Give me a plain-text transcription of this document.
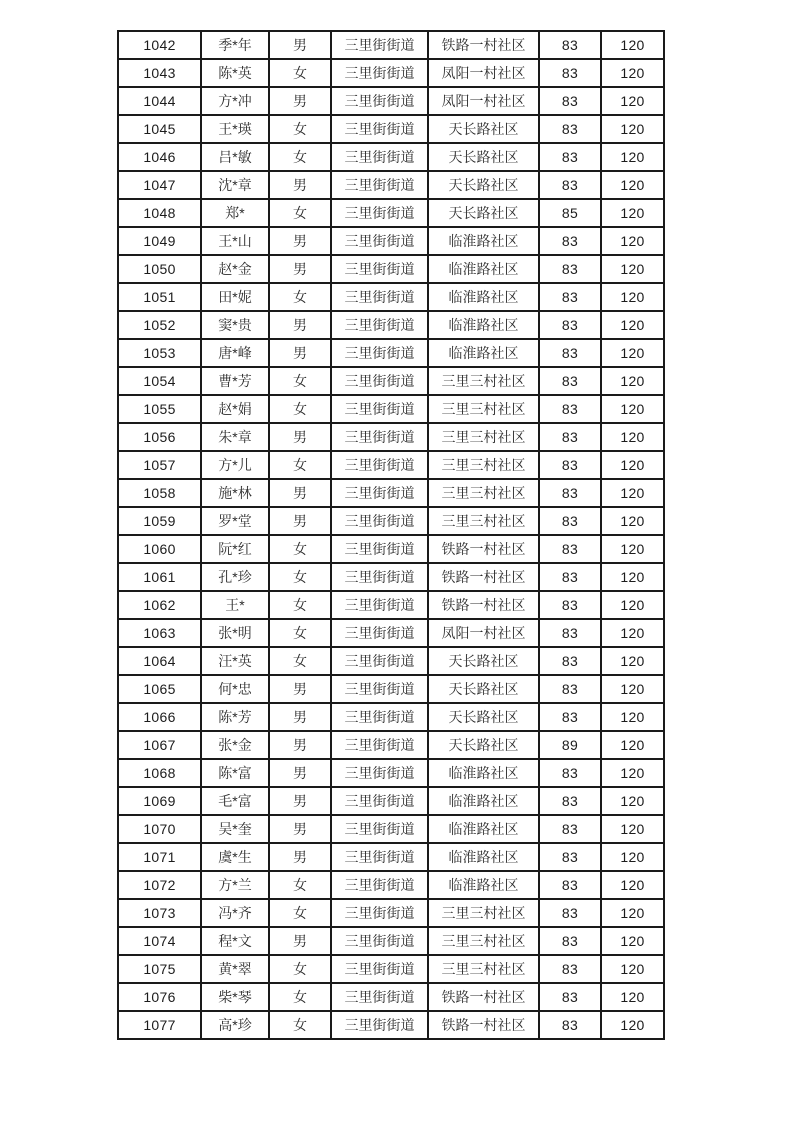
1042	季*年	男	三里街街道	铁路一村社区	83	120
1043	陈*英	女	三里街街道	凤阳一村社区	83	120
1044	方*冲	男	三里街街道	凤阳一村社区	83	120
1045	王*瑛	女	三里街街道	天长路社区	83	120
1046	吕*敏	女	三里街街道	天长路社区	83	120
1047	沈*章	男	三里街街道	天长路社区	83	120
1048	郑*	女	三里街街道	天长路社区	85	120
1049	王*山	男	三里街街道	临淮路社区	83	120
1050	赵*金	男	三里街街道	临淮路社区	83	120
1051	田*妮	女	三里街街道	临淮路社区	83	120
1052	窦*贵	男	三里街街道	临淮路社区	83	120
1053	唐*峰	男	三里街街道	临淮路社区	83	120
1054	曹*芳	女	三里街街道	三里三村社区	83	120
1055	赵*娟	女	三里街街道	三里三村社区	83	120
1056	朱*章	男	三里街街道	三里三村社区	83	120
1057	方*儿	女	三里街街道	三里三村社区	83	120
1058	施*林	男	三里街街道	三里三村社区	83	120
1059	罗*堂	男	三里街街道	三里三村社区	83	120
1060	阮*红	女	三里街街道	铁路一村社区	83	120
1061	孔*珍	女	三里街街道	铁路一村社区	83	120
1062	王*	女	三里街街道	铁路一村社区	83	120
1063	张*明	女	三里街街道	凤阳一村社区	83	120
1064	汪*英	女	三里街街道	天长路社区	83	120
1065	何*忠	男	三里街街道	天长路社区	83	120
1066	陈*芳	男	三里街街道	天长路社区	83	120
1067	张*金	男	三里街街道	天长路社区	89	120
1068	陈*富	男	三里街街道	临淮路社区	83	120
1069	毛*富	男	三里街街道	临淮路社区	83	120
1070	吴*奎	男	三里街街道	临淮路社区	83	120
1071	虞*生	男	三里街街道	临淮路社区	83	120
1072	方*兰	女	三里街街道	临淮路社区	83	120
1073	冯*齐	女	三里街街道	三里三村社区	83	120
1074	程*文	男	三里街街道	三里三村社区	83	120
1075	黄*翠	女	三里街街道	三里三村社区	83	120
1076	柴*琴	女	三里街街道	铁路一村社区	83	120
1077	高*珍	女	三里街街道	铁路一村社区	83	120
